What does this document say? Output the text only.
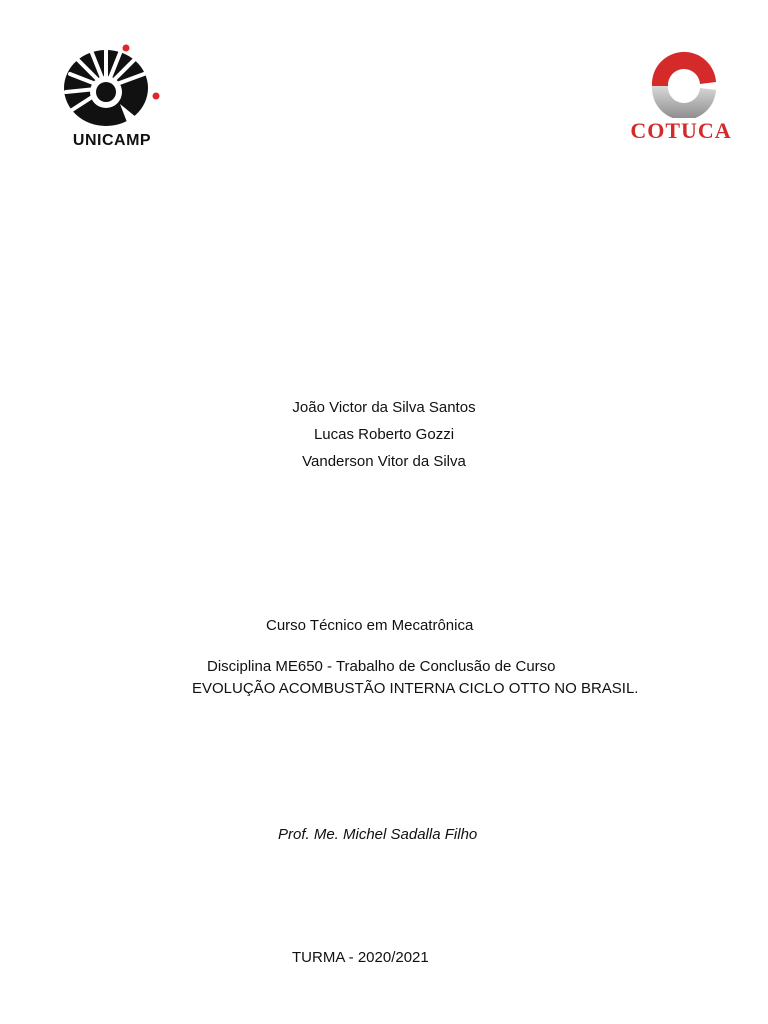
UNICAMP	COTUCA
João Victor da Silva Santos
Lucas Roberto Gozzi
Vanderson Vitor da Silva
Curso Técnico em Mecatrônica
Disciplina ME650 - Trabalho de Conclusão de Curso
EVOLUÇÃO ACOMBUSTÃO INTERNA CICLO OTTO NO BRASIL.
Prof. Me. Michel Sadalla Filho
TURMA - 2020/2021
